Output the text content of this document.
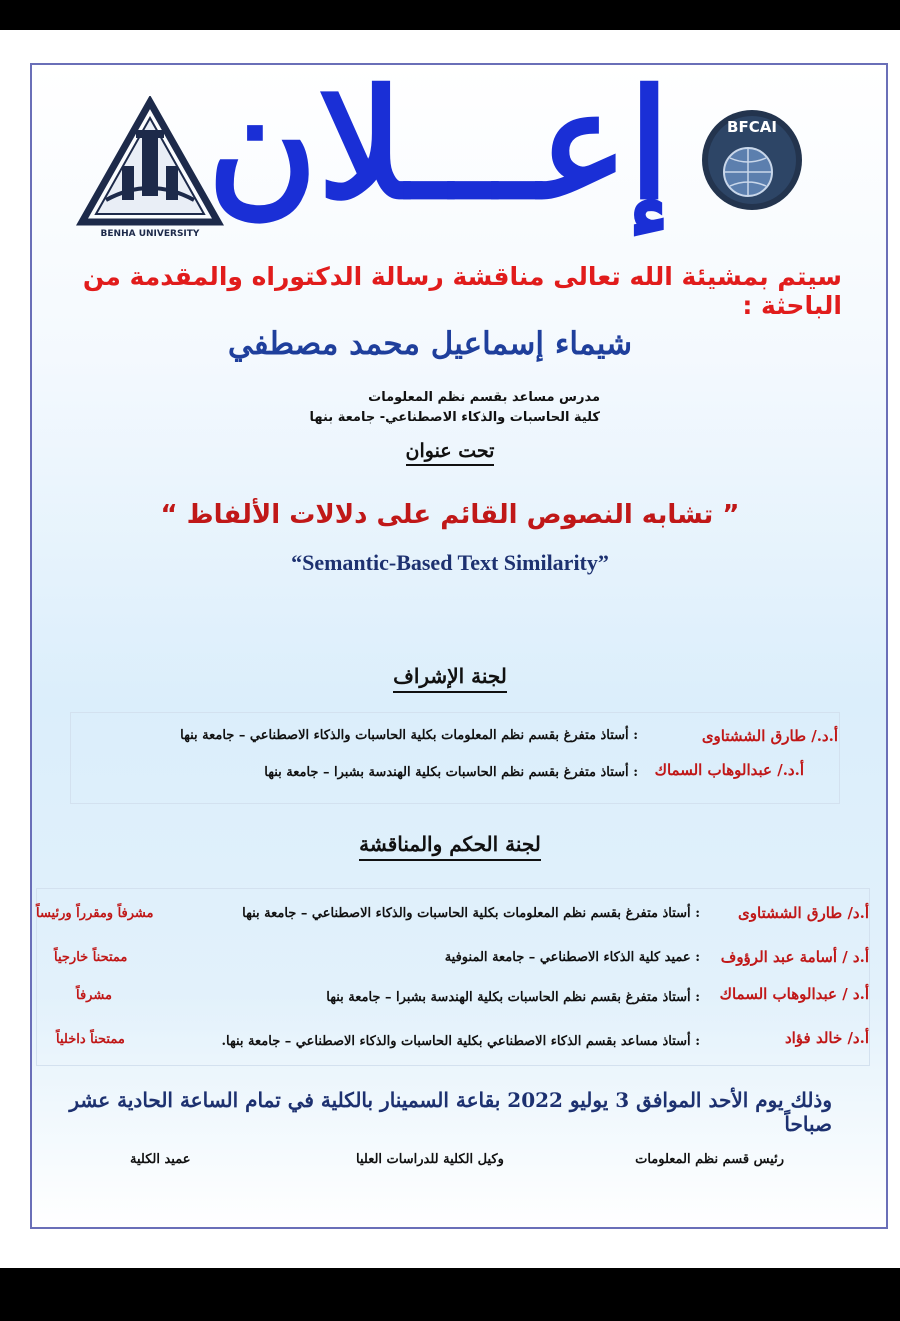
BENHA UNIVERSITY
BFCAI
إعـــلان
سيتم بمشيئة الله تعالى مناقشة رسالة الدكتوراه والمقدمة من الباحثة :
شيماء إسماعيل محمد مصطفي
مدرس مساعد بقسم نظم المعلومات
كلية الحاسبات والذكاء الاصطناعي- جامعة بنها
تحت عنوان
” تشابه النصوص القائم على دلالات الألفاظ “
“Semantic-Based Text Similarity”
لجنة الإشراف
أ.د./ طارق الششتاوى
: أستاذ متفرغ بقسم نظم المعلومات بكلية الحاسبات والذكاء الاصطناعي – جامعة بنها
أ.د./ عبدالوهاب السماك
: أستاذ متفرغ بقسم نظم الحاسبات بكلية الهندسة بشبرا – جامعة بنها
لجنة الحكم والمناقشة
أ.د/ طارق الششتاوى
: أستاذ متفرغ بقسم نظم المعلومات بكلية الحاسبات والذكاء الاصطناعي – جامعة بنها
مشرفاً ومقرراً ورئيساً
أ.د / أسامة عبد الرؤوف
: عميد كلية الذكاء الاصطناعي – جامعة المنوفية
ممتحناً خارجياً
أ.د / عبدالوهاب السماك
: أستاذ متفرغ بقسم نظم الحاسبات بكلية الهندسة بشبرا – جامعة بنها
مشرفاً
أ.د/ خالد فؤاد
: أستاذ مساعد بقسم الذكاء الاصطناعي بكلية الحاسبات والذكاء الاصطناعي – جامعة بنها.
ممتحناً داخلياً
وذلك يوم الأحد الموافق 3 يوليو 2022 بقاعة السمينار بالكلية في تمام الساعة الحادية عشر صباحاً
رئيس قسم نظم المعلومات
وكيل الكلية للدراسات العليا
عميد الكلية
